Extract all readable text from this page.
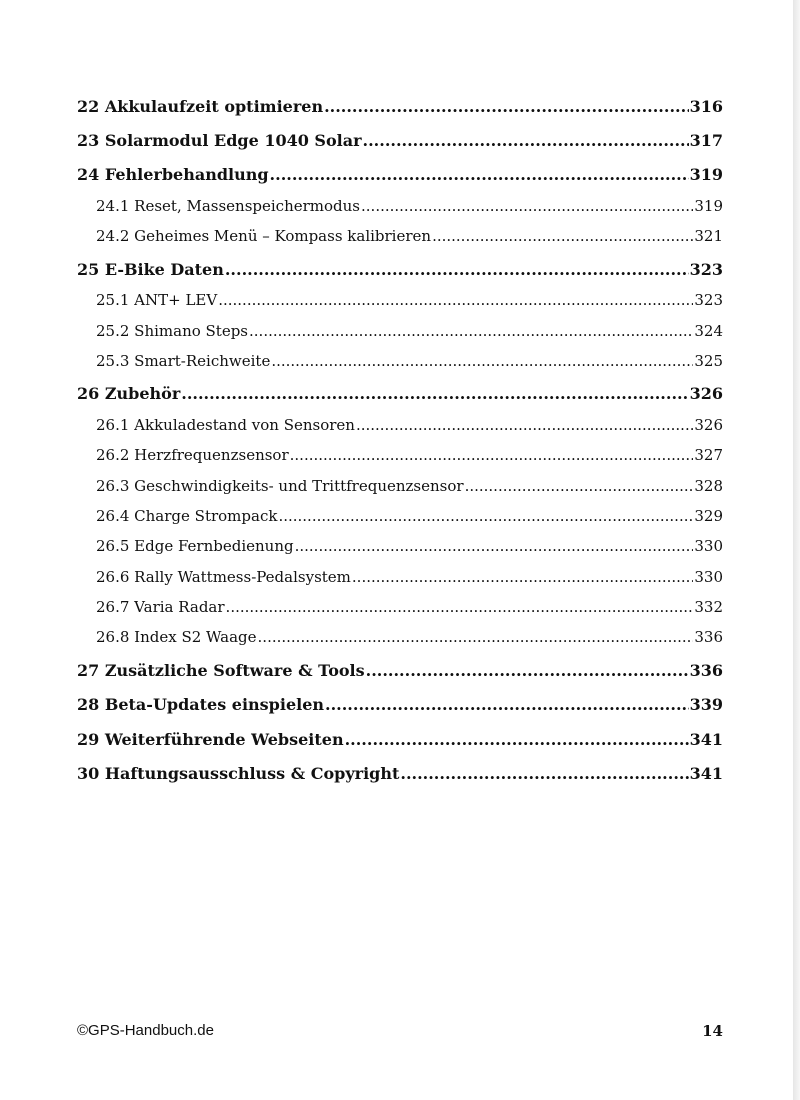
22 Akkulaufzeit optimieren .....	316
23 Solarmodul Edge 1040 Solar .....	317
24 Fehlerbehandlung .....	319
24.1 Reset, Massenspeichermodus .....	319
24.2 Geheimes Menü – Kompass kalibrieren .....	321
25 E-Bike Daten .....	323
25.1 ANT+ LEV .....	323
25.2 Shimano Steps .....	324
25.3 Smart-Reichweite .....	325
26 Zubehör .....	326
26.1 Akkuladestand von Sensoren .....	326
26.2 Herzfrequenzsensor .....	327
26.3 Geschwindigkeits- und Trittfrequenzsensor .....	328
26.4 Charge Strompack .....	329
26.5 Edge Fernbedienung .....	330
26.6 Rally Wattmess-Pedalsystem .....	330
26.7 Varia Radar .....	332
26.8 Index S2 Waage .....	336
27 Zusätzliche Software & Tools .....	336
28 Beta-Updates einspielen .....	339
29 Weiterführende Webseiten .....	341
30 Haftungsausschluss & Copyright .....	341
©GPS-Handbuch.de	14
